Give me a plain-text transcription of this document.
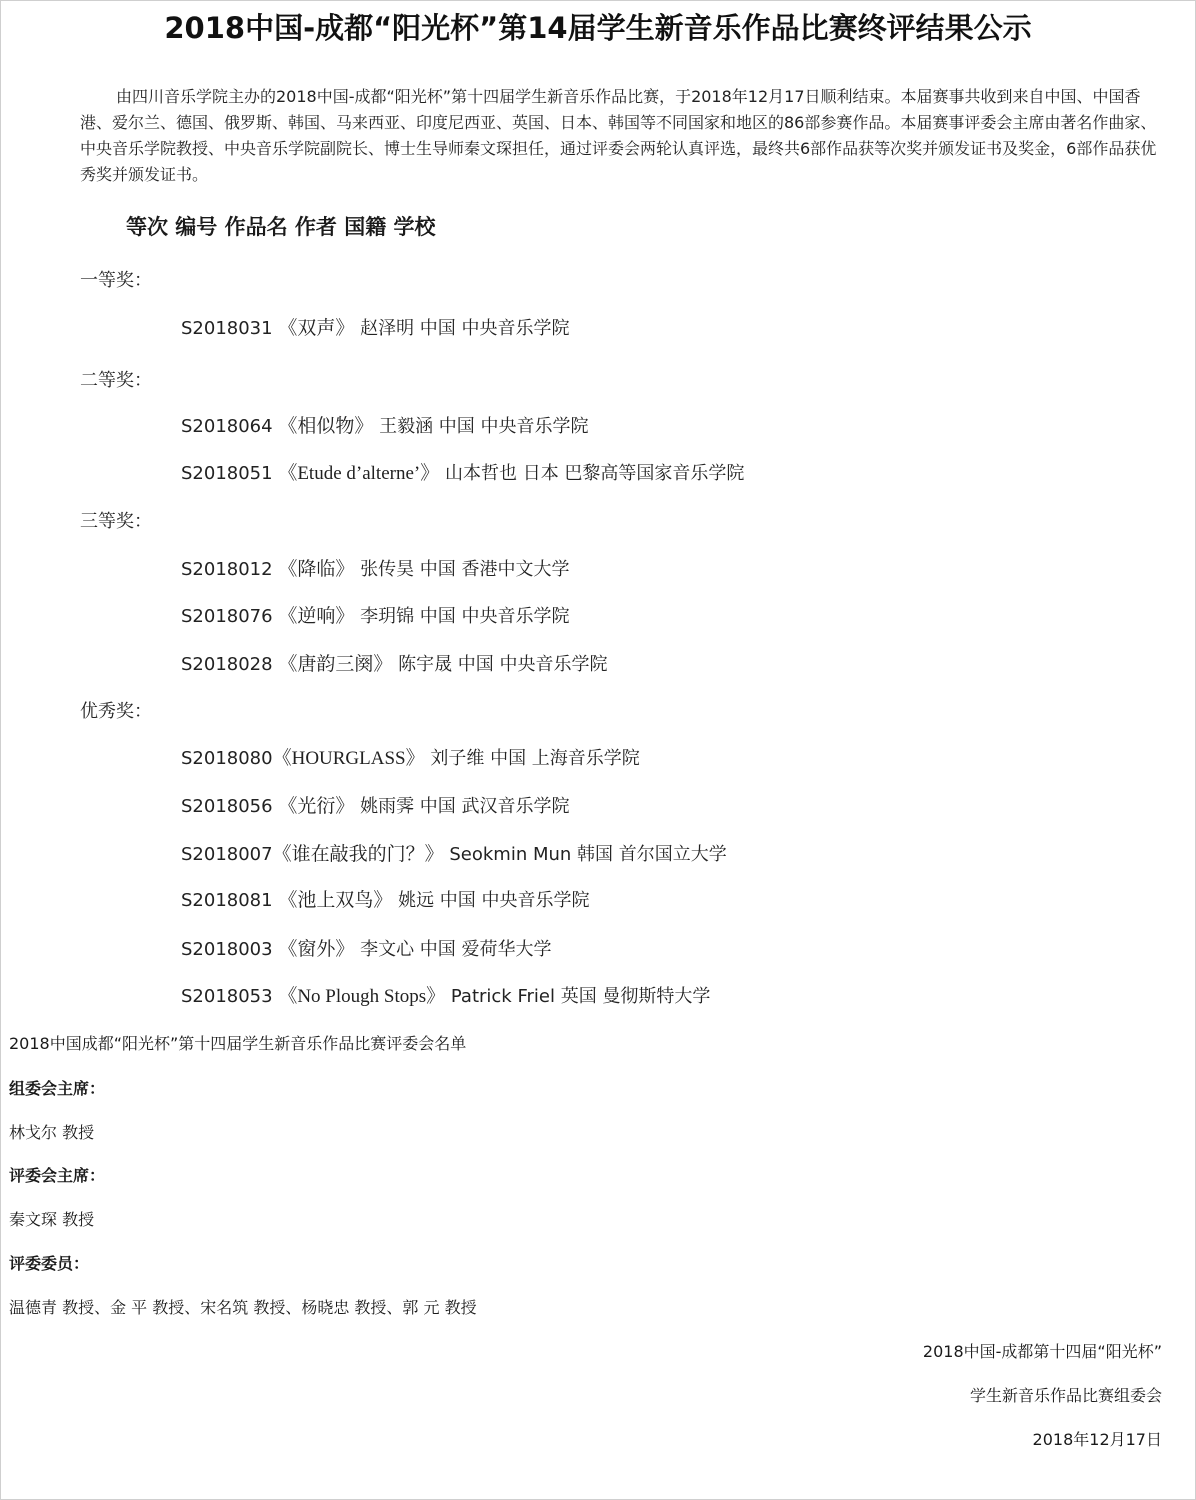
2018中国-成都“阳光杯”第14届学生新音乐作品比赛终评结果公示
由四川音乐学院主办的2018中国-成都“阳光杯”第十四届学生新音乐作品比赛，于2018年12月17日顺利结束。本届赛事共收到来自中国、中国香港、爱尔兰、德国、俄罗斯、韩国、马来西亚、印度尼西亚、英国、日本、韩国等不同国家和地区的86部参赛作品。本届赛事评委会主席由著名作曲家、中央音乐学院教授、中央音乐学院副院长、博士生导师秦文琛担任，通过评委会两轮认真评选，最终共6部作品获等次奖并颁发证书及奖金，6部作品获优秀奖并颁发证书。
等次 编号 作品名 作者 国籍 学校
一等奖：
S2018031 《双声》 赵泽明 中国 中央音乐学院
二等奖：
S2018064 《相似物》 王毅涵 中国 中央音乐学院
S2018051 《Etude d’alterne’》 山本哲也 日本 巴黎高等国家音乐学院
三等奖：
S2018012 《降临》 张传昊 中国 香港中文大学
S2018076 《逆响》 李玥锦 中国 中央音乐学院
S2018028 《唐韵三阕》 陈宇晟 中国 中央音乐学院
优秀奖：
S2018080《HOURGLASS》 刘子维 中国 上海音乐学院
S2018056 《光衍》 姚雨霁 中国 武汉音乐学院
S2018007《谁在敲我的门？》 Seokmin Mun 韩国 首尔国立大学
S2018081 《池上双鸟》 姚远 中国 中央音乐学院
S2018003 《窗外》 李文心 中国 爱荷华大学
S2018053 《No Plough Stops》 Patrick Friel 英国 曼彻斯特大学
2018中国成都“阳光杯”第十四届学生新音乐作品比赛评委会名单
组委会主席：
林戈尔 教授
评委会主席：
秦文琛 教授
评委委员：
温德青 教授、金 平 教授、宋名筑 教授、杨晓忠 教授、郭 元 教授
2018中国-成都第十四届“阳光杯”
学生新音乐作品比赛组委会
2018年12月17日
